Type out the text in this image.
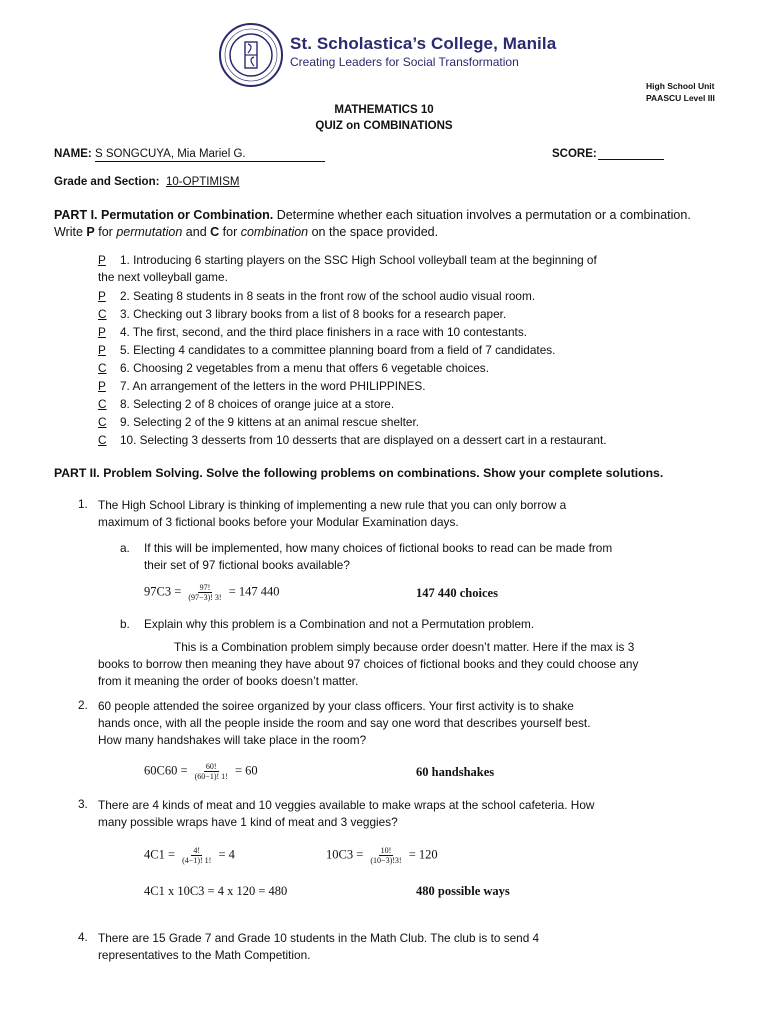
St. Scholastica’s College, Manila
Creating Leaders for Social Transformation
High School Unit
PAASCU Level III
MATHEMATICS 10
QUIZ on COMBINATIONS
NAME: S SONGCUYA, Mia Mariel G.	SCORE:
Grade and Section: 10-OPTIMISM
PART I. Permutation or Combination. Determine whether each situation involves a permutation or a combination. Write P for permutation and C for combination on the space provided.
P 1. Introducing 6 starting players on the SSC High School volleyball team at the beginning of
the next volleyball game.
P 2. Seating 8 students in 8 seats in the front row of the school audio visual room.
C 3. Checking out 3 library books from a list of 8 books for a research paper.
P 4. The first, second, and the third place finishers in a race with 10 contestants.
P 5. Electing 4 candidates to a committee planning board from a field of 7 candidates.
C 6. Choosing 2 vegetables from a menu that offers 6 vegetable choices.
P 7. An arrangement of the letters in the word PHILIPPINES.
C 8. Selecting 2 of 8 choices of orange juice at a store.
C 9. Selecting 2 of the 9 kittens at an animal rescue shelter.
C 10. Selecting 3 desserts from 10 desserts that are displayed on a dessert cart in a restaurant.
PART II. Problem Solving. Solve the following problems on combinations. Show your complete solutions.
1. The High School Library is thinking of implementing a new rule that you can only borrow a
maximum of 3 fictional books before your Modular Examination days.
a. If this will be implemented, how many choices of fictional books to read can be made from
their set of 97 fictional books available?
$97C3 = \frac{97!}{(97-3)! 3!} = 147$ 440	147 440 choices
b. Explain why this problem is a Combination and not a Permutation problem.
This is a Combination problem simply because order doesn’t matter. Here if the max is 3
books to borrow then meaning they have about 97 choices of fictional books and they could choose any
from it meaning the order of books doesn’t matter.
2. 60 people attended the soiree organized by your class officers. Your first activity is to shake
hands once, with all the people inside the room and say one word that describes yourself best.
How many handshakes will take place in the room?
$60C60 = \frac{60!}{(60-1)! 1!} = 60$	60 handshakes
3. There are 4 kinds of meat and 10 veggies available to make wraps at the school cafeteria. How
many possible wraps have 1 kind of meat and 3 veggies?
$4C1 = \frac{4!}{(4-1)! 1!} = 4$	$10C3 = \frac{10!}{(10-3)!3!} = 120$
4C1 x 10C3 = 4 x 120 = 480	480 possible ways
4. There are 15 Grade 7 and Grade 10 students in the Math Club. The club is to send 4
representatives to the Math Competition.
